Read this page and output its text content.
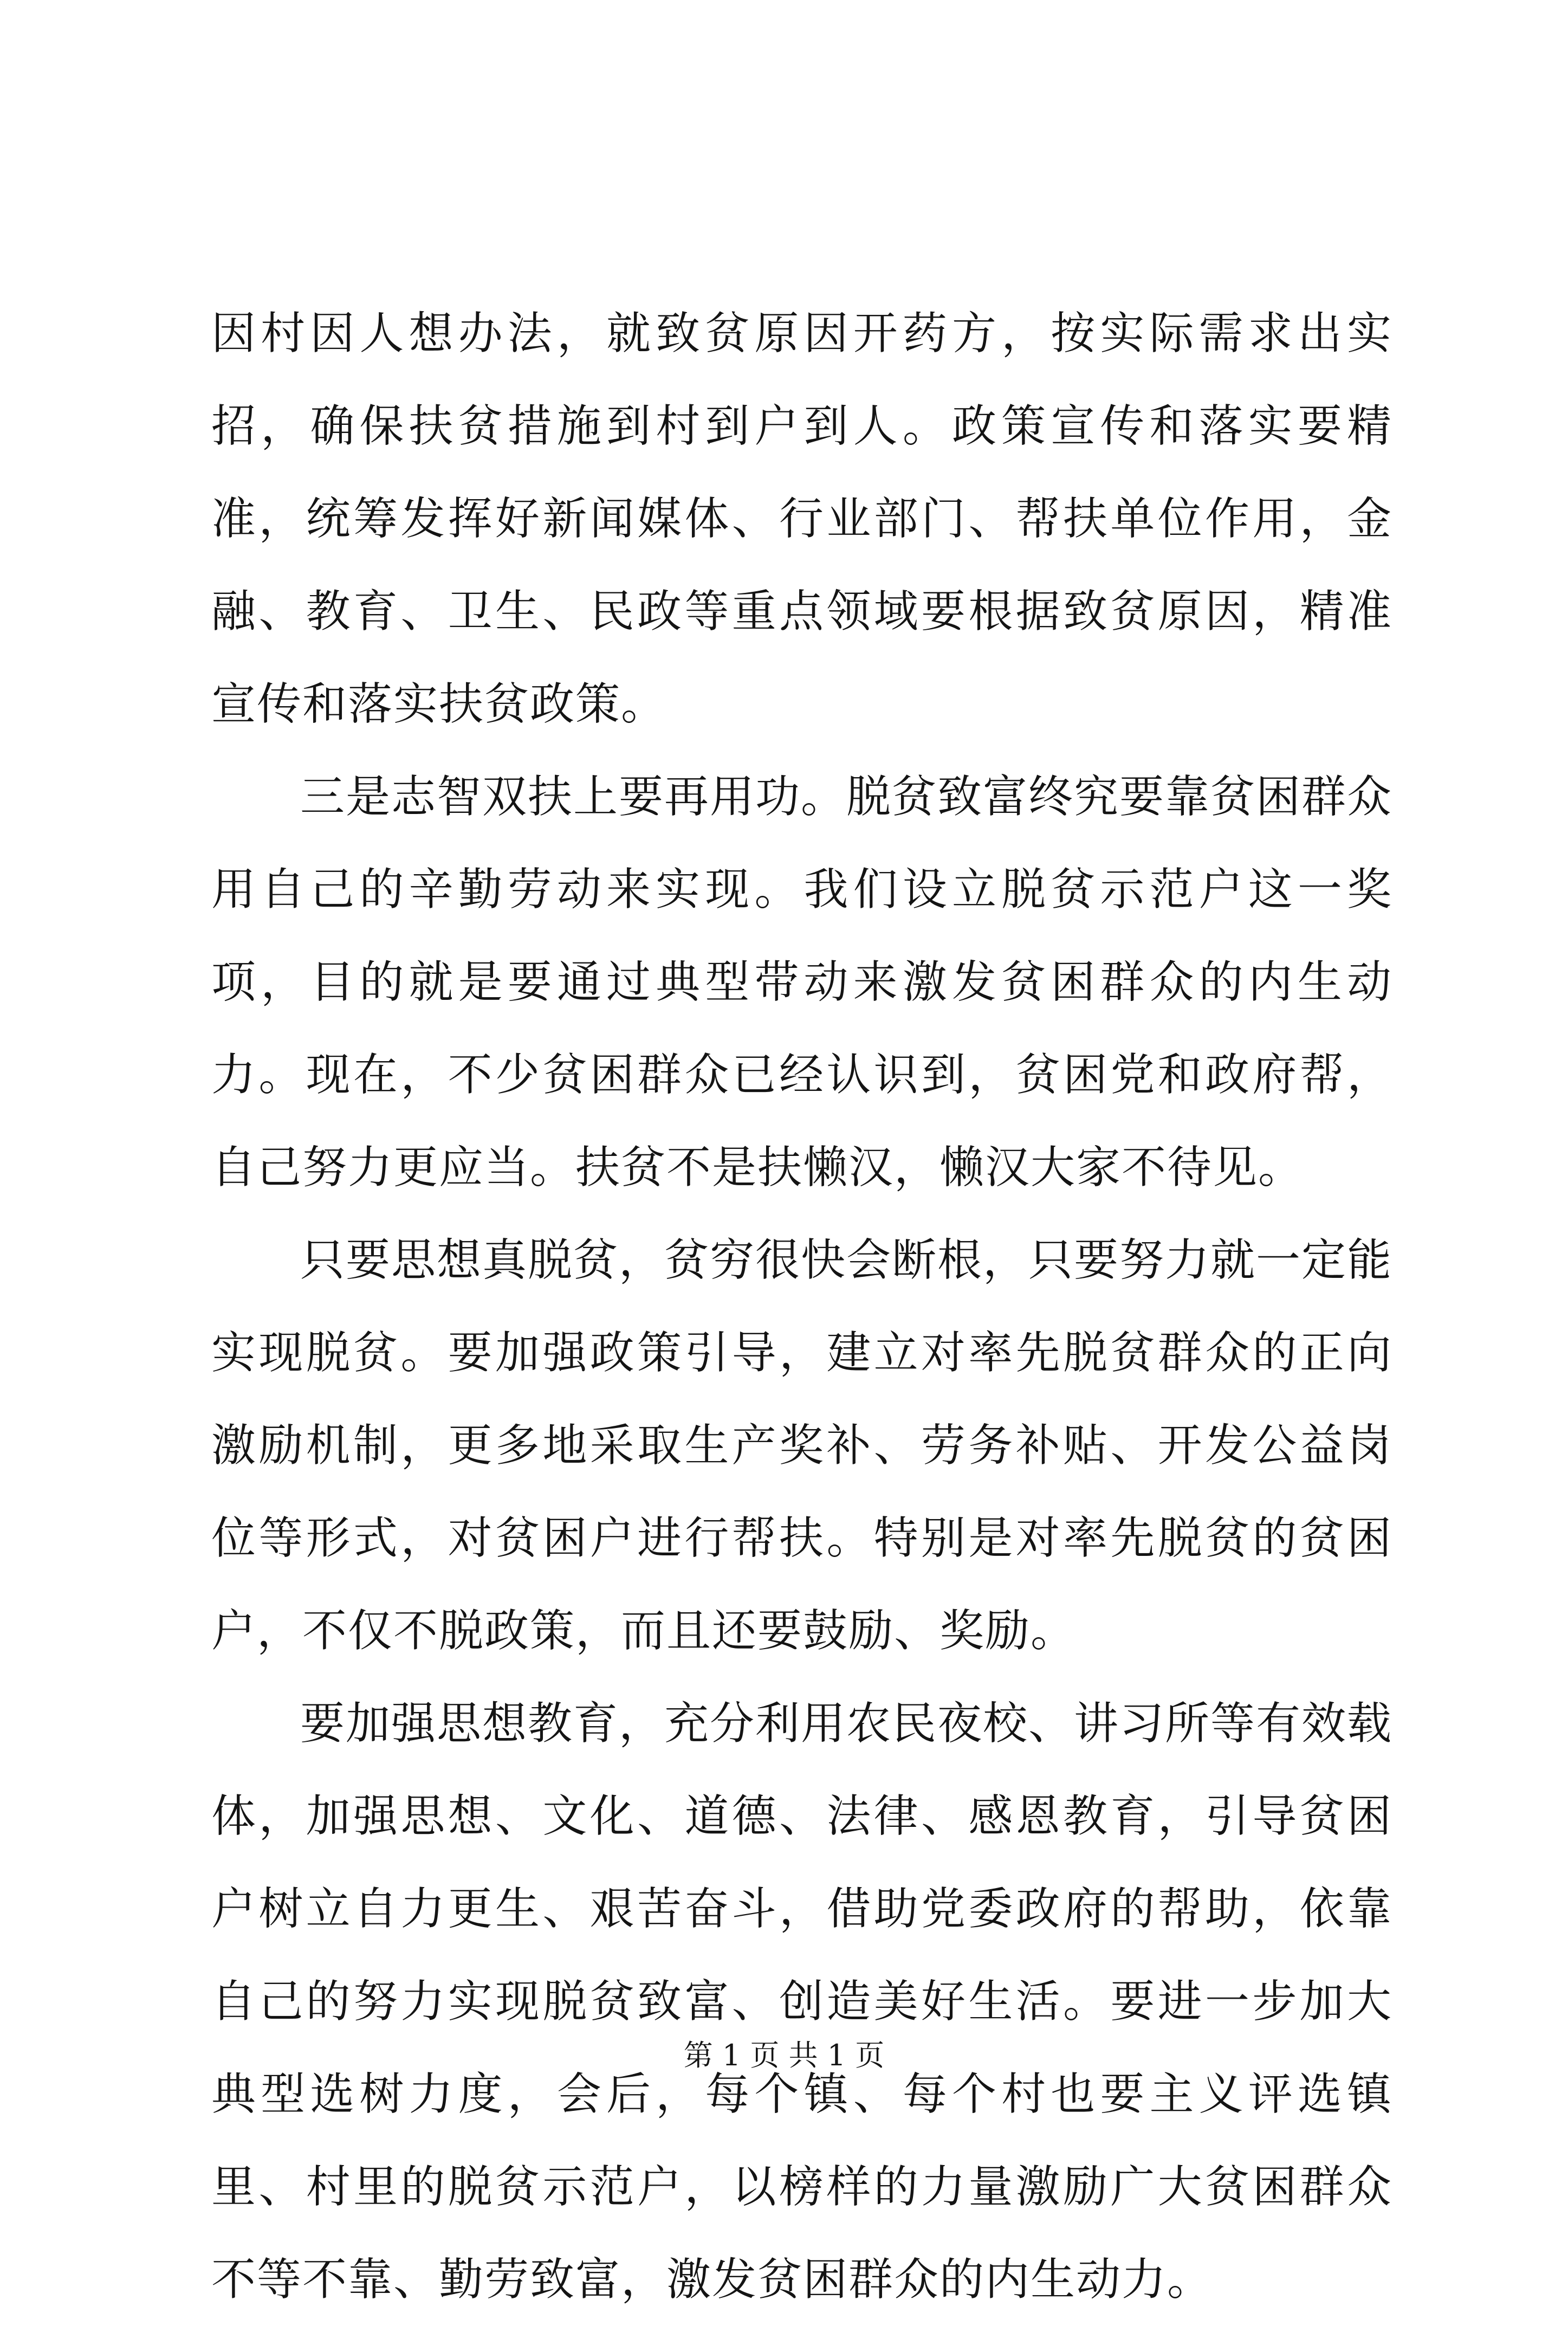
因村因人想办法，就致贫原因开药方，按实际需求出实招，确保扶贫措施到村到户到人。政策宣传和落实要精准，统筹发挥好新闻媒体、行业部门、帮扶单位作用，金融、教育、卫生、民政等重点领域要根据致贫原因，精准宣传和落实扶贫政策。

三是志智双扶上要再用功。脱贫致富终究要靠贫困群众用自己的辛勤劳动来实现。我们设立脱贫示范户这一奖项，目的就是要通过典型带动来激发贫困群众的内生动力。现在，不少贫困群众已经认识到，贫困党和政府帮，自己努力更应当。扶贫不是扶懒汉，懒汉大家不待见。

只要思想真脱贫，贫穷很快会断根，只要努力就一定能实现脱贫。要加强政策引导，建立对率先脱贫群众的正向激励机制，更多地采取生产奖补、劳务补贴、开发公益岗位等形式，对贫困户进行帮扶。特别是对率先脱贫的贫困户，不仅不脱政策，而且还要鼓励、奖励。

要加强思想教育，充分利用农民夜校、讲习所等有效载体，加强思想、文化、道德、法律、感恩教育，引导贫困户树立自力更生、艰苦奋斗，借助党委政府的帮助，依靠自己的努力实现脱贫致富、创造美好生活。要进一步加大典型选树力度，会后，每个镇、每个村也要主义评选镇里、村里的脱贫示范户，以榜样的力量激励广大贫困群众不等不靠、勤劳致富，激发贫困群众的内生动力。

第 1 页 共 1 页
